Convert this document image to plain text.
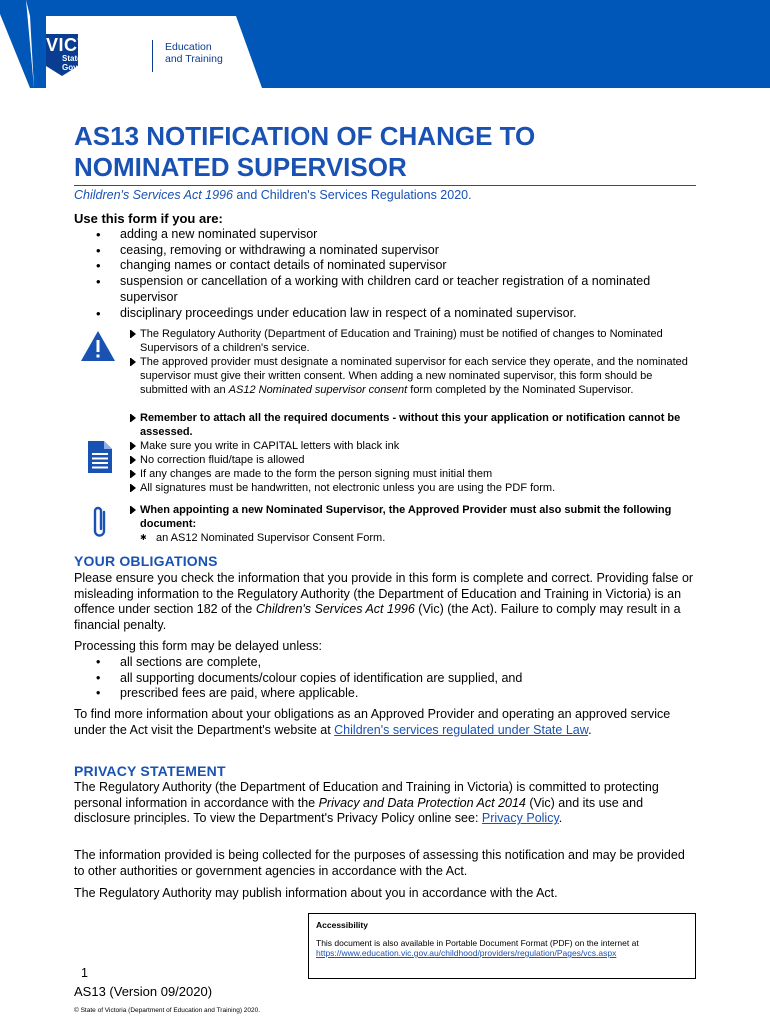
VICTORIA
State
Government
Education
and Training
AS13 NOTIFICATION OF CHANGE TO
NOMINATED SUPERVISOR
Children's Services Act 1996 and Children's Services Regulations 2020.
Use this form if you are:
• adding a new nominated supervisor
• ceasing, removing or withdrawing a nominated supervisor
• changing names or contact details of nominated supervisor
• suspension or cancellation of a working with children card or teacher registration of a nominated supervisor
• disciplinary proceedings under education law in respect of a nominated supervisor.
The Regulatory Authority (Department of Education and Training) must be notified of changes to Nominated Supervisors of a children's service.
The approved provider must designate a nominated supervisor for each service they operate, and the nominated supervisor must give their written consent. When adding a new nominated supervisor, this form should be submitted with an AS12 Nominated supervisor consent form completed by the Nominated Supervisor.
Remember to attach all the required documents - without this your application or notification cannot be assessed.
Make sure you write in CAPITAL letters with black ink
No correction fluid/tape is allowed
If any changes are made to the form the person signing must initial them
All signatures must be handwritten, not electronic unless you are using the PDF form.
When appointing a new Nominated Supervisor, the Approved Provider must also submit the following document:
✱ an AS12 Nominated Supervisor Consent Form.
YOUR OBLIGATIONS
Please ensure you check the information that you provide in this form is complete and correct. Providing false or misleading information to the Regulatory Authority (the Department of Education and Training in Victoria) is an offence under section 182 of the Children's Services Act 1996 (Vic) (the Act). Failure to comply may result in a financial penalty.
Processing this form may be delayed unless:
• all sections are complete,
• all supporting documents/colour copies of identification are supplied, and
• prescribed fees are paid, where applicable.
To find more information about your obligations as an Approved Provider and operating an approved service under the Act visit the Department's website at Children's services regulated under State Law.
PRIVACY STATEMENT
The Regulatory Authority (the Department of Education and Training in Victoria) is committed to protecting personal information in accordance with the Privacy and Data Protection Act 2014 (Vic) and its use and disclosure principles. To view the Department's Privacy Policy online see: Privacy Policy.
The information provided is being collected for the purposes of assessing this notification and may be provided to other authorities or government agencies in accordance with the Act.
The Regulatory Authority may publish information about you in accordance with the Act.
Accessibility
This document is also available in Portable Document Format (PDF) on the internet at
https://www.education.vic.gov.au/childhood/providers/regulation/Pages/vcs.aspx
1
AS13 (Version 09/2020)
© State of Victoria (Department of Education and Training) 2020.
